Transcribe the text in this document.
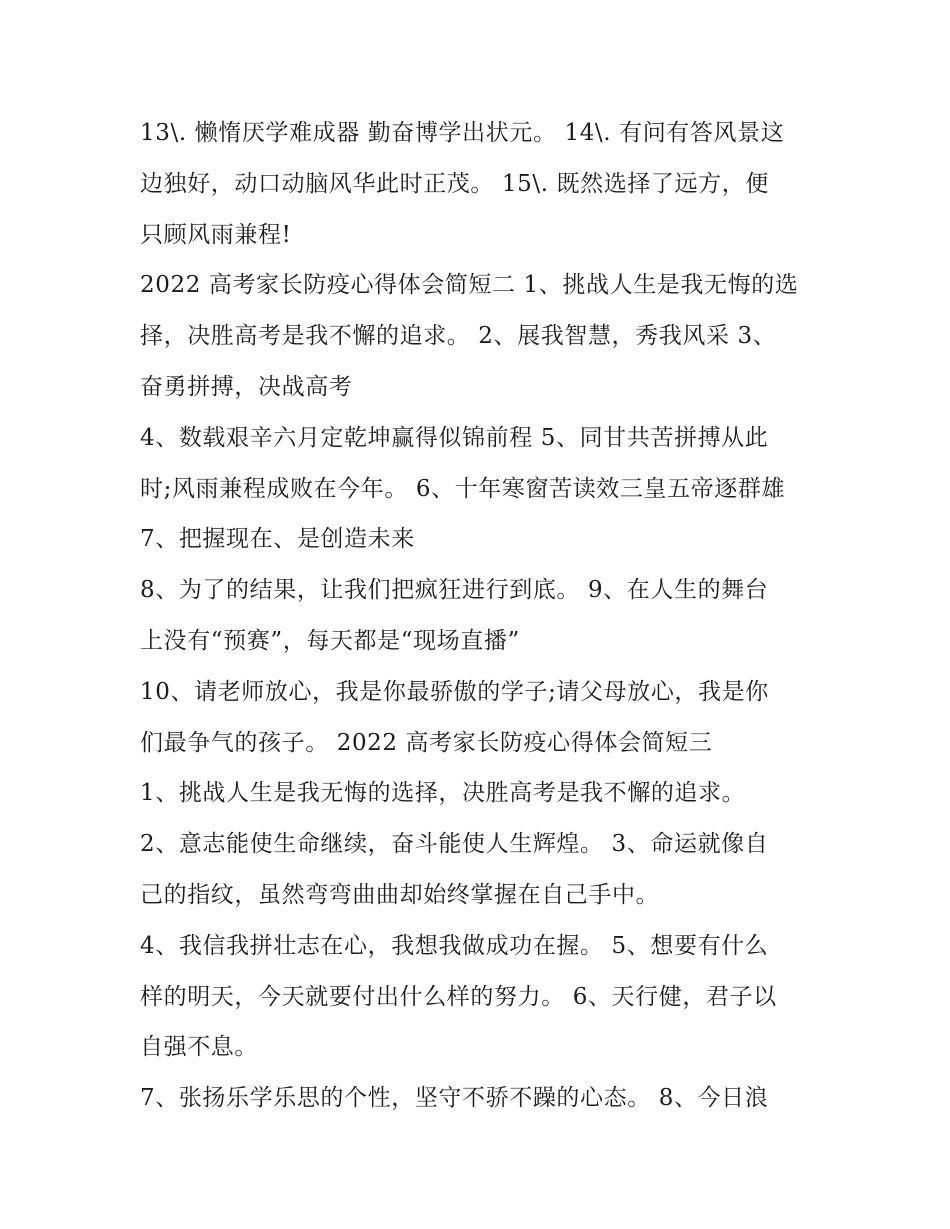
13\. 懒惰厌学难成器 勤奋博学出状元。 14\. 有问有答风景这
边独好，动口动脑风华此时正茂。 15\. 既然选择了远方，便
只顾风雨兼程!
2022 高考家长防疫心得体会简短二 1、挑战人生是我无悔的选
择，决胜高考是我不懈的追求。 2、展我智慧，秀我风采 3、
奋勇拼搏，决战高考
4、数载艰辛六月定乾坤赢得似锦前程 5、同甘共苦拼搏从此
时;风雨兼程成败在今年。 6、十年寒窗苦读效三皇五帝逐群雄
7、把握现在、是创造未来
8、为了的结果，让我们把疯狂进行到底。 9、在人生的舞台
上没有“预赛”，每天都是“现场直播”
10、请老师放心，我是你最骄傲的学子;请父母放心，我是你
们最争气的孩子。 2022 高考家长防疫心得体会简短三
1、挑战人生是我无悔的选择，决胜高考是我不懈的追求。
2、意志能使生命继续，奋斗能使人生辉煌。 3、命运就像自
己的指纹，虽然弯弯曲曲却始终掌握在自己手中。
4、我信我拼壮志在心，我想我做成功在握。 5、想要有什么
样的明天，今天就要付出什么样的努力。 6、天行健，君子以
自强不息。
7、张扬乐学乐思的个性，坚守不骄不躁的心态。 8、今日浪
